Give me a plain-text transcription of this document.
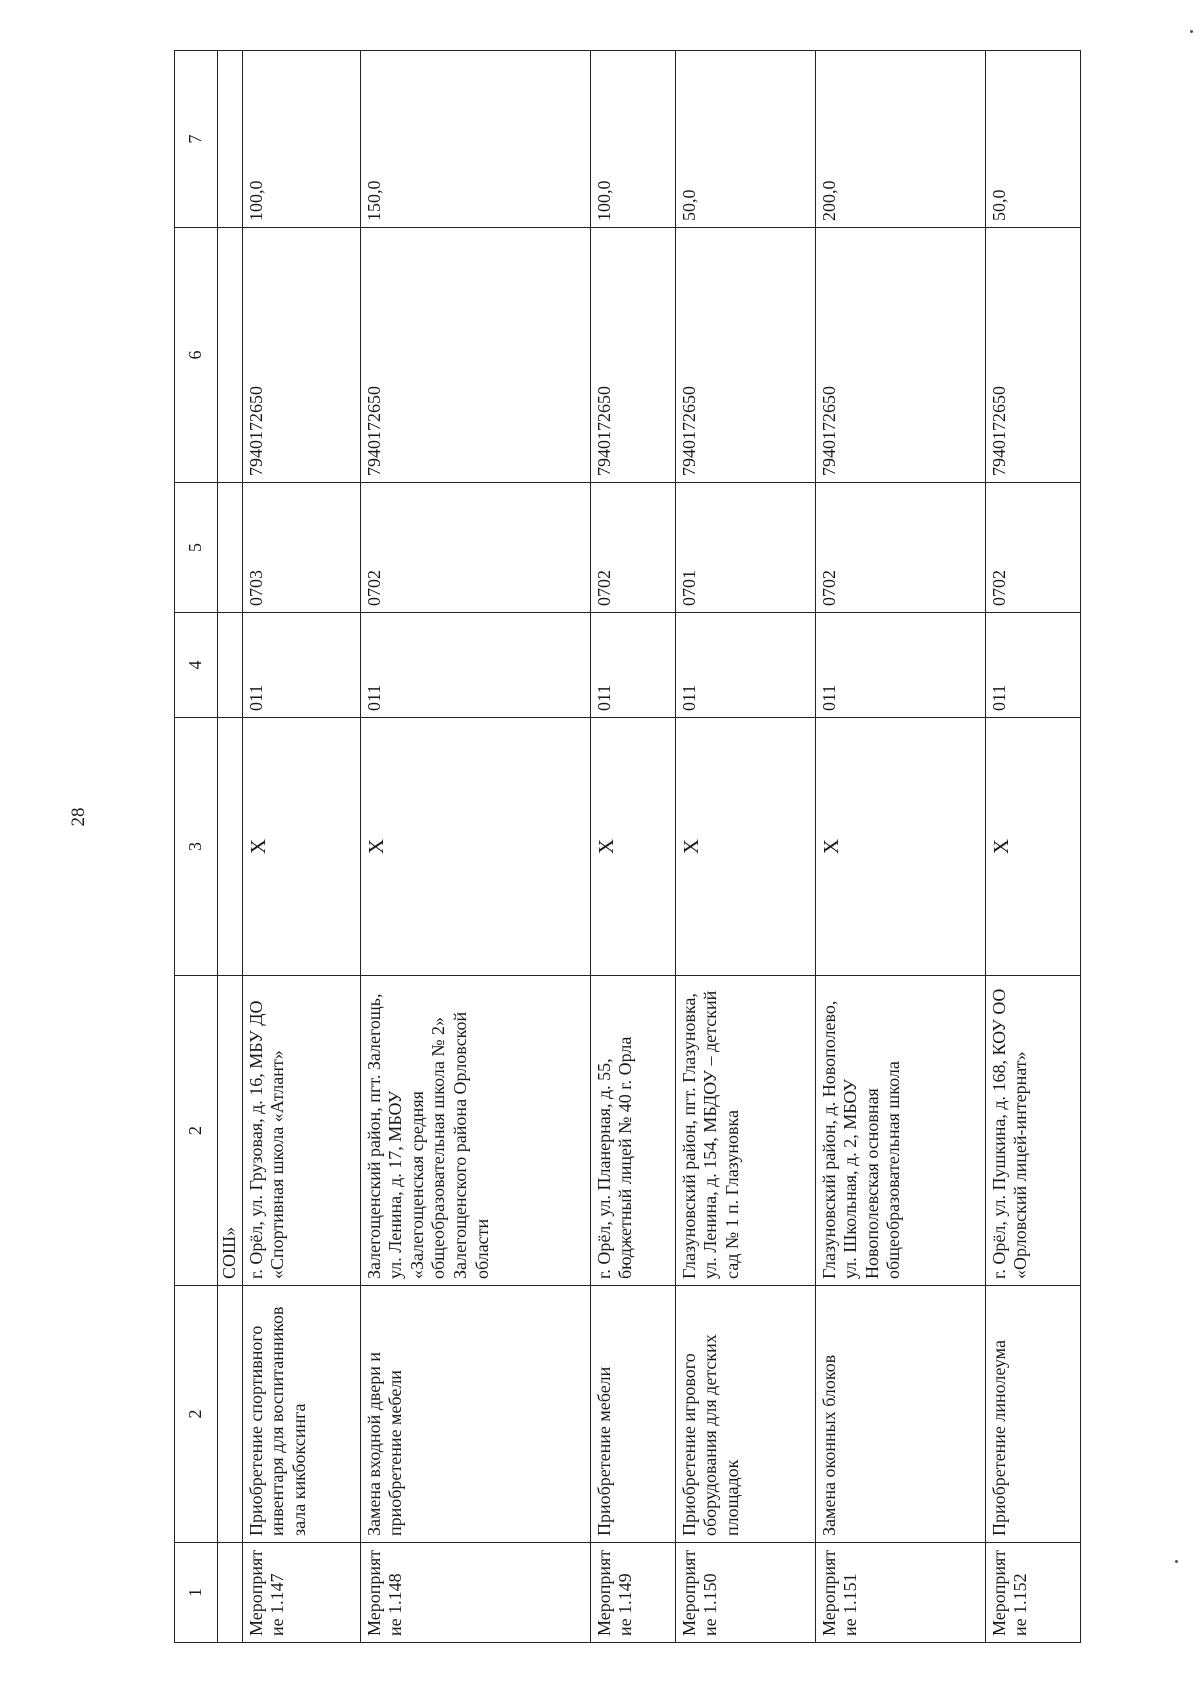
28
1	2	2	3	4	5	6	7
		СОШ»					
Мероприятие 1.147	Приобретение спортивного инвентаря для воспитанников зала кикбоксинга	г. Орёл, ул. Грузовая, д. 16, МБУ ДО «Спортивная школа «Атлант»	Х	011	0703	7940172650	100,0
Мероприятие 1.148	Замена входной двери и приобретение мебели	Залегощенский район, пгт. Залегощь, ул. Ленина, д. 17, МБОУ «Залегощенская средняя общеобразовательная школа № 2» Залегощенского района Орловской области	Х	011	0702	7940172650	150,0
Мероприятие 1.149	Приобретение мебели	г. Орёл, ул. Планерная, д. 55, бюджетный лицей № 40 г. Орла	Х	011	0702	7940172650	100,0
Мероприятие 1.150	Приобретение игрового оборудования для детских площадок	Глазуновский район, пгт. Глазуновка, ул. Ленина, д. 154, МБДОУ – детский сад № 1 п. Глазуновка	Х	011	0701	7940172650	50,0
Мероприятие 1.151	Замена оконных блоков	Глазуновский район, д. Новополево, ул. Школьная, д. 2, МБОУ Новополевская основная общеобразовательная школа	Х	011	0702	7940172650	200,0
Мероприятие 1.152	Приобретение линолеума	г. Орёл, ул. Пушкина, д. 168, КОУ ОО «Орловский лицей-интернат»	Х	011	0702	7940172650	50,0
